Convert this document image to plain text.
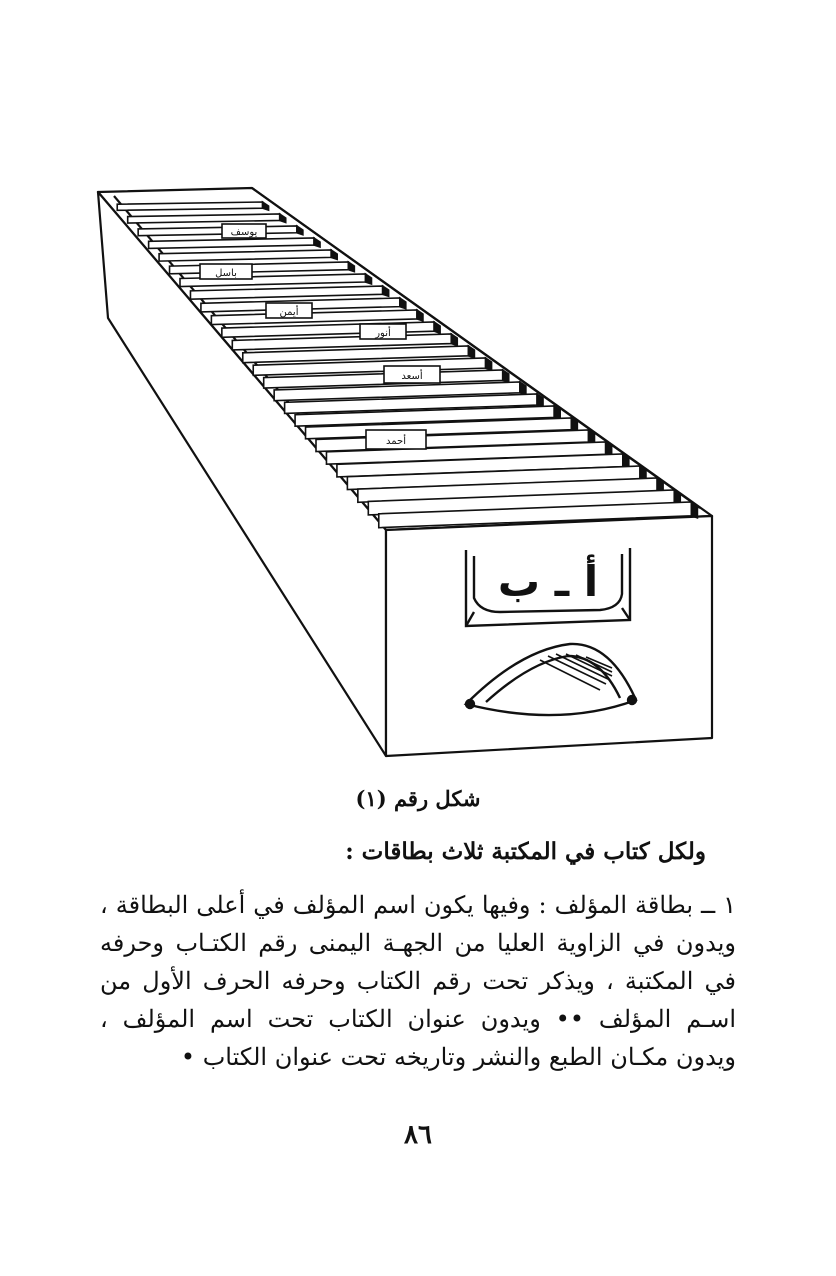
يوسف
باسل
أيمن
أنور
أسعد
أحمد
أ ـ ب
شكل رقم (١)
ولكل كتاب في المكتبة ثلاث بطاقات :

١ ــ بطاقة المؤلف : وفيها يكون اسم المؤلف في أعلى البطاقة ، ويدون في الزاوية العليا من الجهـة اليمنى رقم الكتـاب وحرفه في المكتبة ، ويذكر تحت رقم الكتاب وحرفه الحرف الأول من اسـم المؤلف •• ويدون عنوان الكتاب تحت اسم المؤلف ، ويدون مكـان الطبع والنشر وتاريخه تحت عنوان الكتاب •

٨٦
